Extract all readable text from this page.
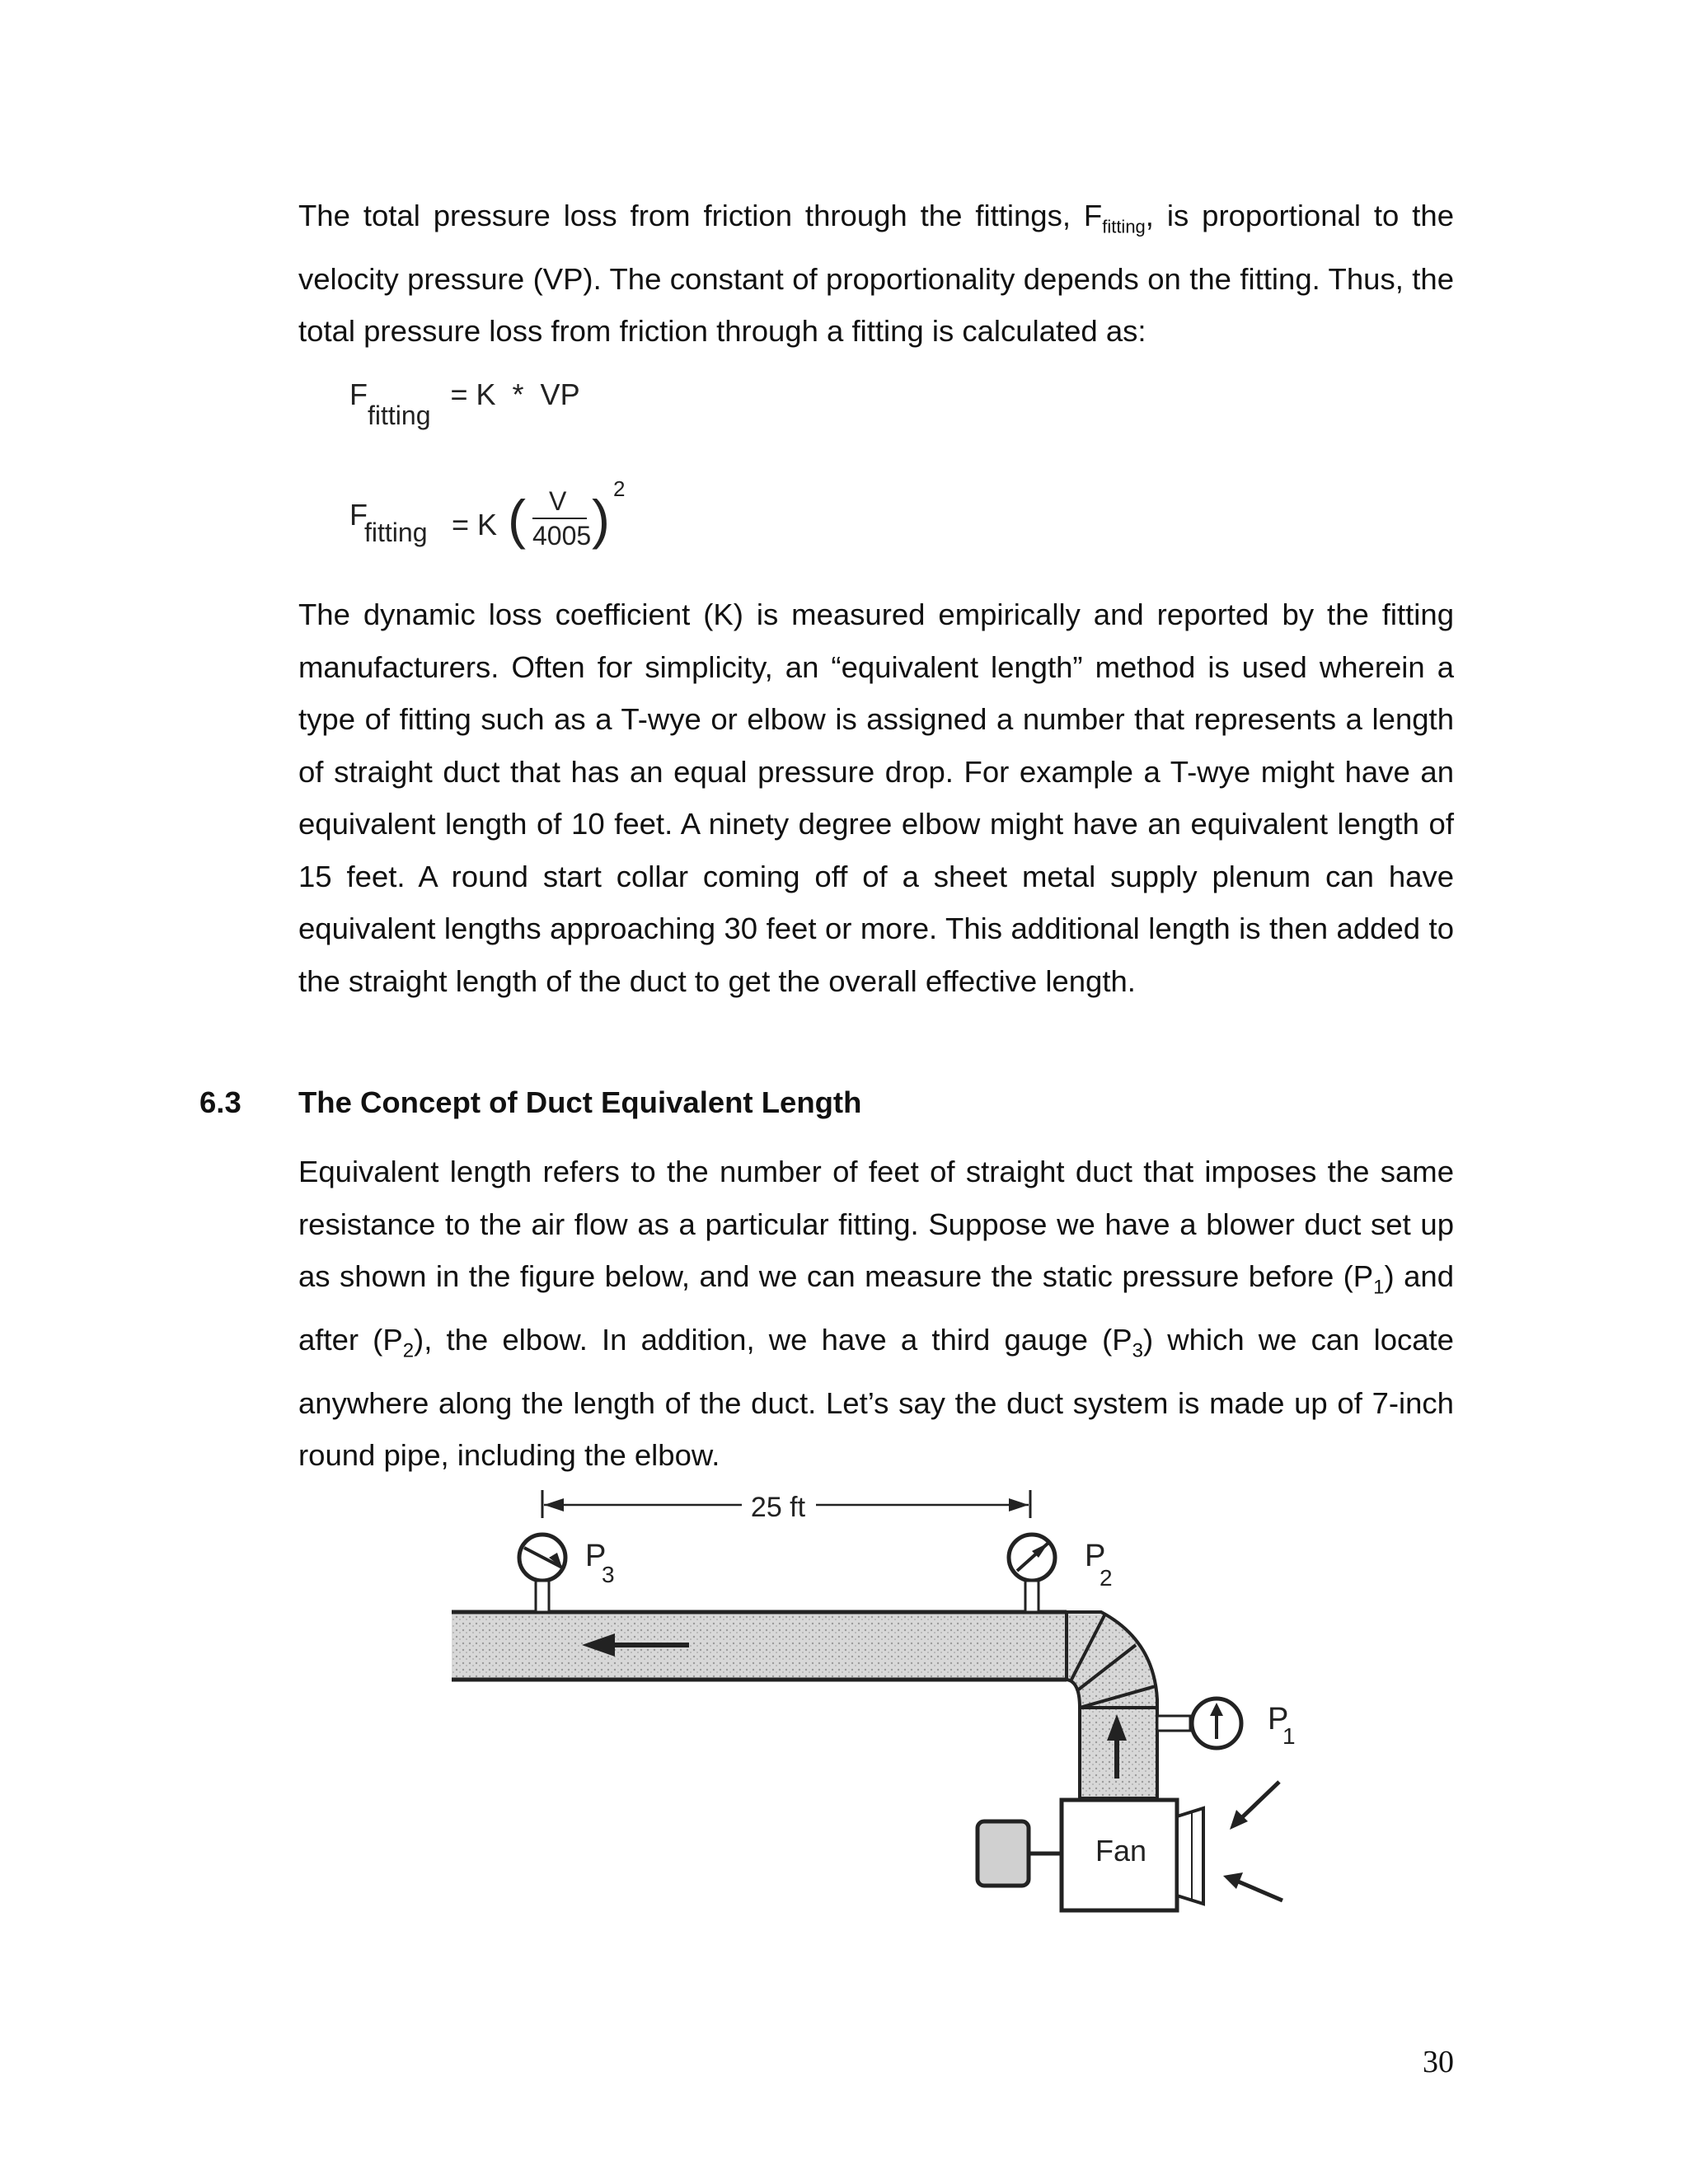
The total pressure loss from friction through the fittings, $F_{fitting}$, is proportional to the velocity pressure (VP). The constant of proportionality depends on the fitting. Thus, the total pressure loss from friction through a fitting is calculated as:
Ffitting = K  *  VP
F
fitting = K ( V
4005 ) 2
The dynamic loss coefficient (K) is measured empirically and reported by the fitting manufacturers. Often for simplicity, an “equivalent length” method is used wherein a type of fitting such as a T-wye or elbow is assigned a number that represents a length of straight duct that has an equal pressure drop. For example a T-wye might have an equivalent length of 10 feet. A ninety degree elbow might have an equivalent length of 15 feet. A round start collar coming off of a sheet metal supply plenum can have equivalent lengths approaching 30 feet or more. This additional length is then added to the straight length of the duct to get the overall effective length.
6.3 The Concept of Duct Equivalent Length
Equivalent length refers to the number of feet of straight duct that imposes the same resistance to the air flow as a particular fitting. Suppose we have a blower duct set up as shown in the figure below, and we can measure the static pressure before $(P_1)$ and after $(P_2)$, the elbow. In addition, we have a third gauge $(P_3)$ which we can locate anywhere along the length of the duct. Let’s say the duct system is made up of 7-inch round pipe, including the elbow.
25 ft
P
3
P
2
P
1
Fan
30
